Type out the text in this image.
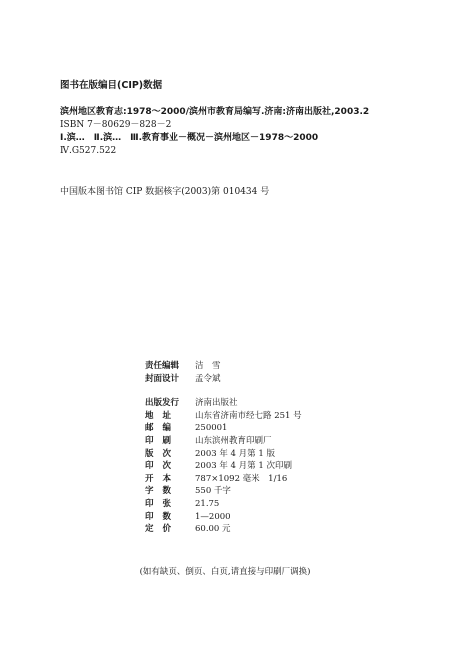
图书在版编目(CIP)数据

滨州地区教育志:1978～2000/滨州市教育局编写.济南:济南出版社,2003.2

ISBN 7－80629－828－2

Ⅰ.滨…　Ⅱ.滨…　Ⅲ.教育事业－概况－滨州地区－1978～2000

Ⅳ.G527.522

中国版本图书馆 CIP 数据核字(2003)第 010434 号
责任编辑	洁　雪
封面设计	孟令斌
出版发行	济南出版社
地址	山东省济南市经七路 251 号
邮编	250001
印刷	山东滨州教育印刷厂
版次	2003 年 4 月第 1 版
印次	2003 年 4 月第 1 次印刷
开本	787×1092 毫米　1/16
字数	550 千字
印张	21.75
印数	1—2000
定价	60.00 元
(如有缺页、倒页、白页,请直接与印刷厂调换)
